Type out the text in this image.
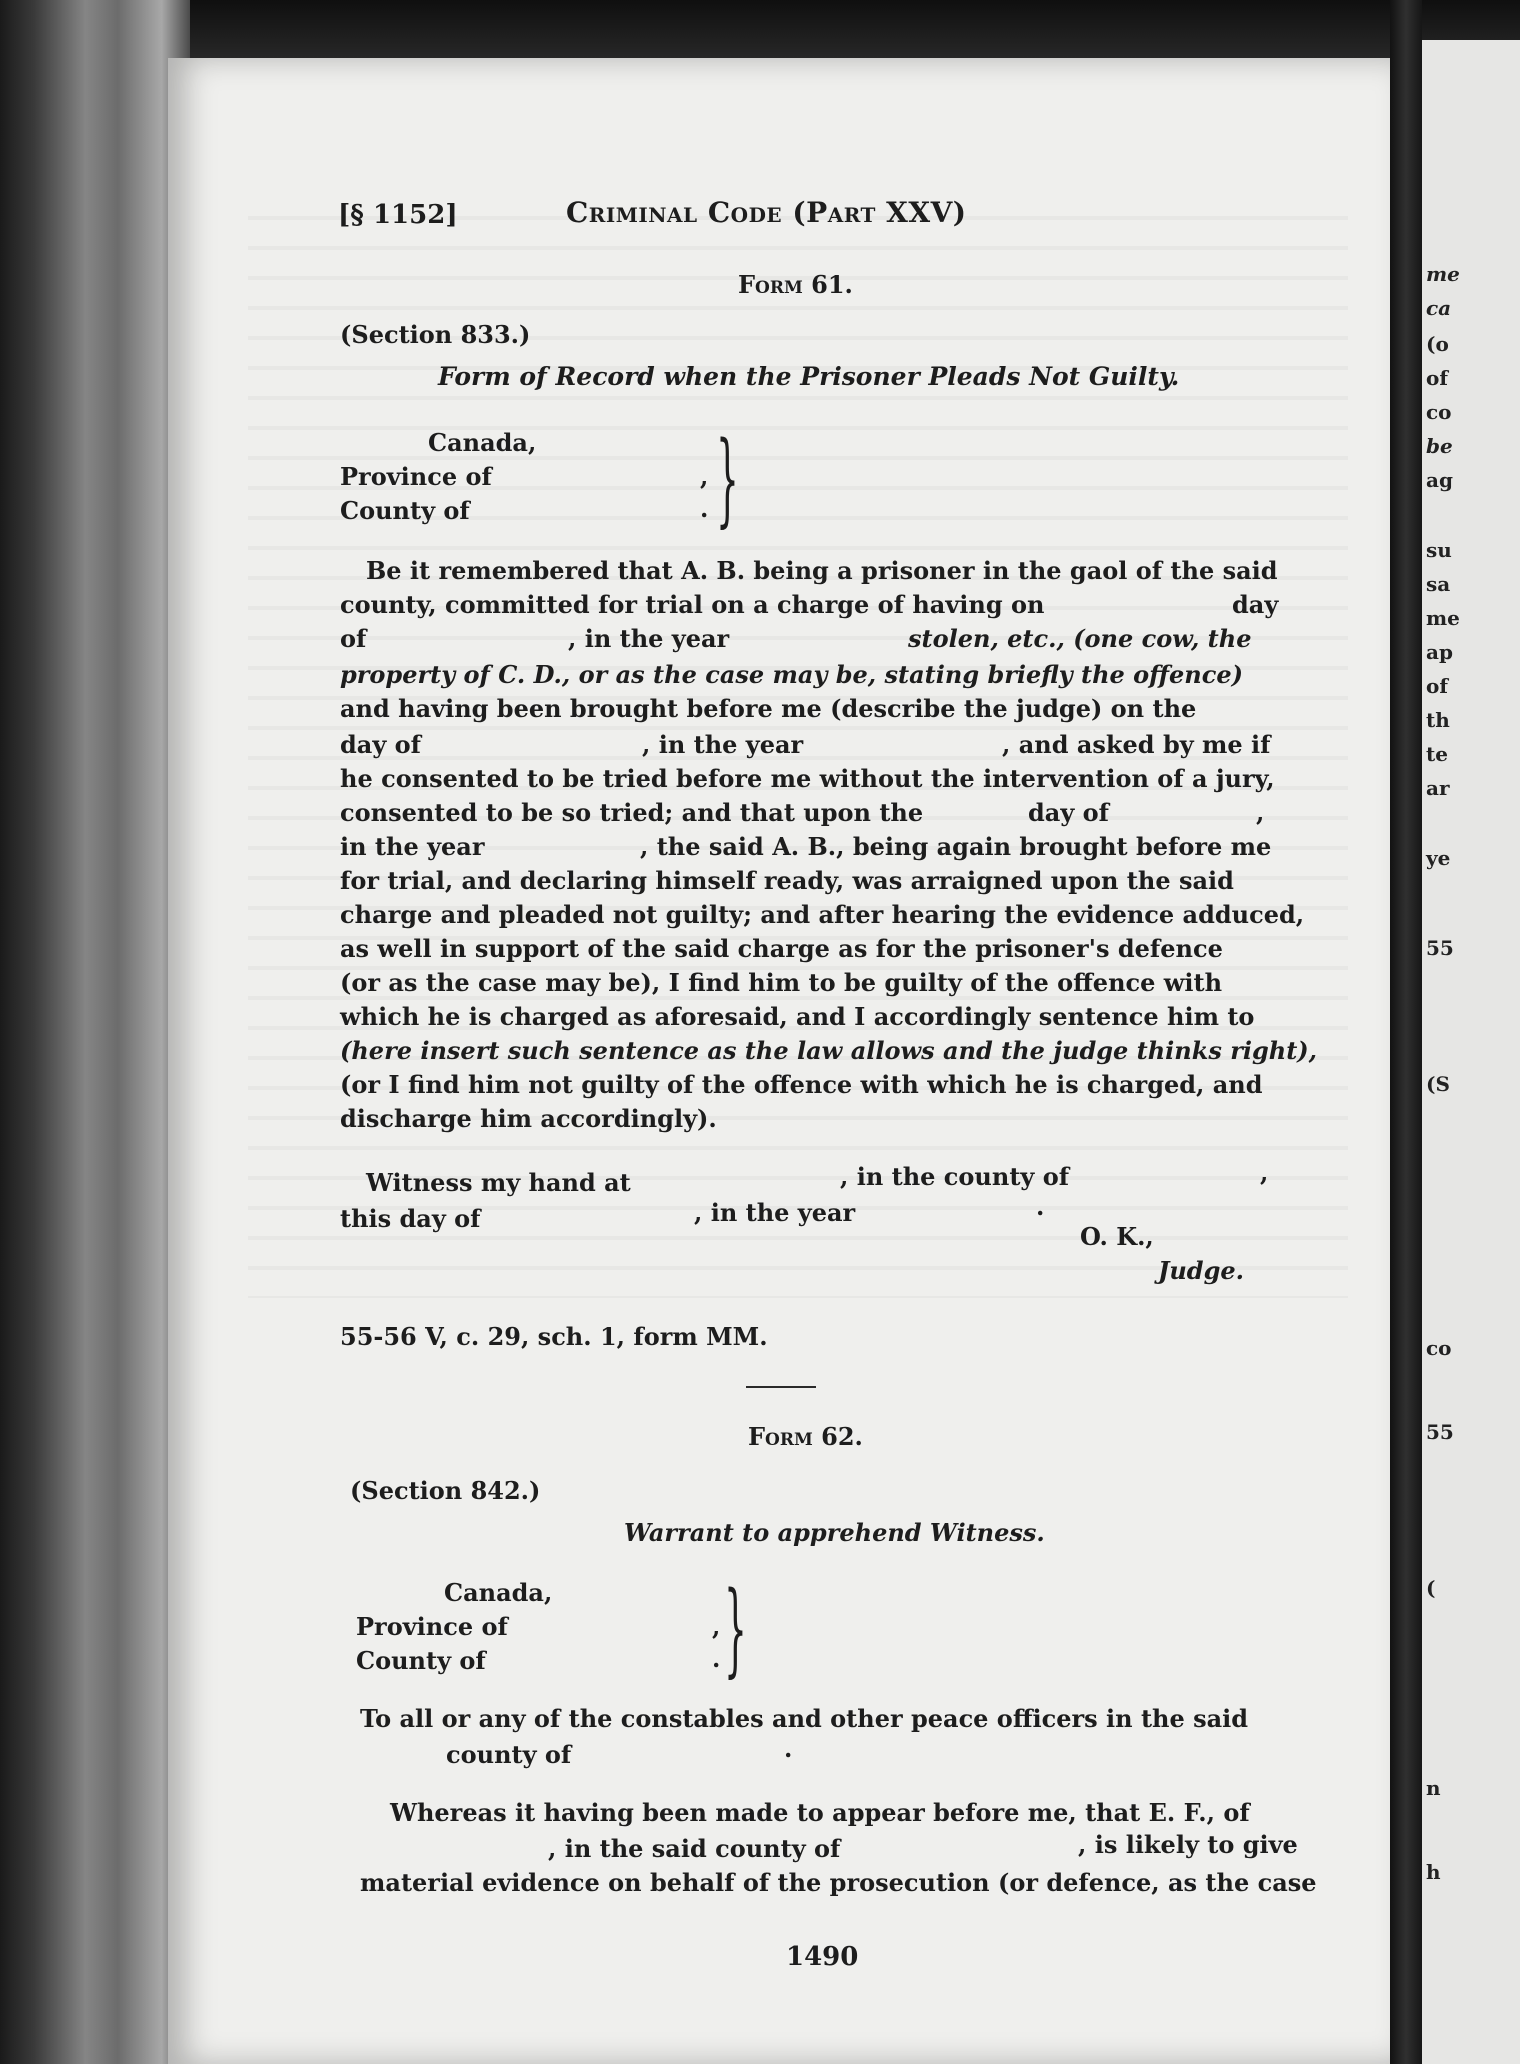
[§ 1152]	Criminal Code (Part XXV)
Form 61.
(Section 833.)
Form of Record when the Prisoner Pleads Not Guilty.
Canada,
Province of
County of
,
. }
Be it remembered that A. B. being a prisoner in the gaol of the said
county, committed for trial on a charge of having on	day
of	, in the year	stolen, etc., (one cow, the
property of C. D., or as the case may be, stating briefly the offence)
and having been brought before me (describe the judge) on the
day of	, in the year	, and asked by me if
he consented to be tried before me without the intervention of a jury,
consented to be so tried; and that upon the	day of	,
in the year	, the said A. B., being again brought before me
for trial, and declaring himself ready, was arraigned upon the said
charge and pleaded not guilty; and after hearing the evidence adduced,
as well in support of the said charge as for the prisoner's defence
(or as the case may be), I find him to be guilty of the offence with
which he is charged as aforesaid, and I accordingly sentence him to
(here insert such sentence as the law allows and the judge thinks right),
(or I find him not guilty of the offence with which he is charged, and
discharge him accordingly).
Witness my hand at	, in the county of	,
this day of	, in the year	.
O. K.,
Judge.
55-56 V, c. 29, sch. 1, form MM.
Form 62.
(Section 842.)
Warrant to apprehend Witness.
Canada,
Province of
County of
,
. }
To all or any of the constables and other peace officers in the said
county of	.
Whereas it having been made to appear before me, that E. F., of
, in the said county of	, is likely to give
material evidence on behalf of the prosecution (or defence, as the case
1490
me
ca
(o
of
co
be
ag
su
sa
me
ap
of
th
te
ar
ye
55
(S
co
55
(
n
h
